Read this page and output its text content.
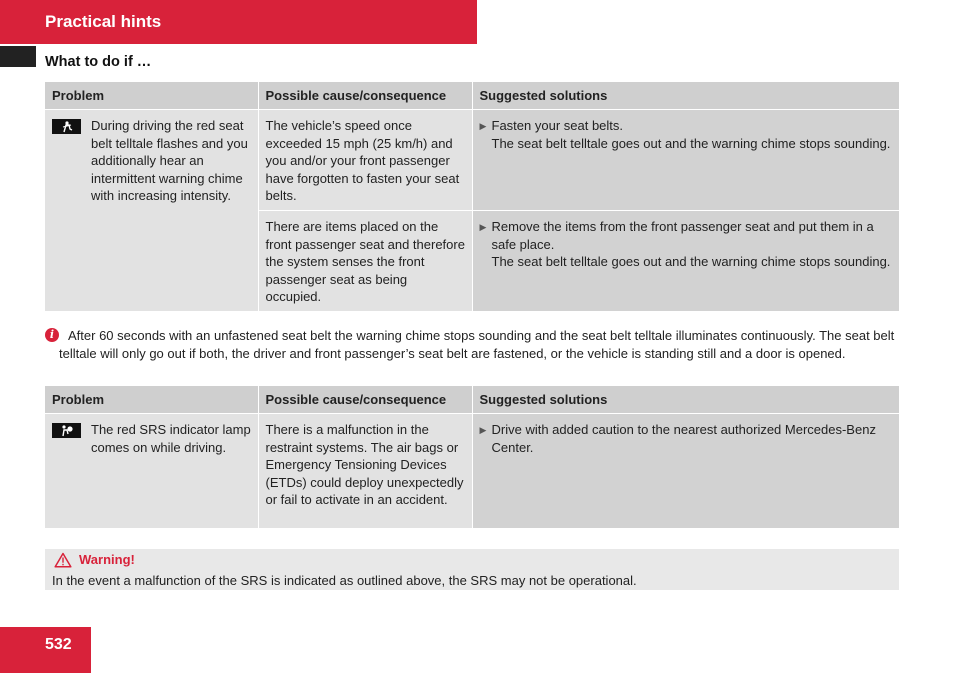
Practical hints
What to do if …
Problem	Possible cause/consequence	Suggested solutions

During driving the red seat belt telltale flashes and you additionally hear an intermittent warning chime with increasing intensity.	The vehicle’s speed once exceeded 15 mph (25 km/h) and you and/or your front passenger have forgotten to fasten your seat belts.	▶ Fasten your seat belts.
The seat belt telltale goes out and the warning chime stops sounding.

	There are items placed on the front passenger seat and therefore the system senses the front passenger seat as being occupied.	▶ Remove the items from the front passenger seat and put them in a safe place.
The seat belt telltale goes out and the warning chime stops sounding.
i	After 60 seconds with an unfastened seat belt the warning chime stops sounding and the seat belt telltale illuminates continuously. The seat belt telltale will only go out if both, the driver and front passenger’s seat belt are fastened, or the vehicle is standing still and a door is opened.

Problem	Possible cause/consequence	Suggested solutions

The red SRS indicator lamp comes on while driving.	There is a malfunction in the restraint systems. The air bags or Emergency Tensioning Devices (ETDs) could deploy unexpectedly or fail to activate in an accident.	▶ Drive with added caution to the nearest authorized Mercedes-Benz Center.
Warning!
In the event a malfunction of the SRS is indicated as outlined above, the SRS may not be operational.
532
